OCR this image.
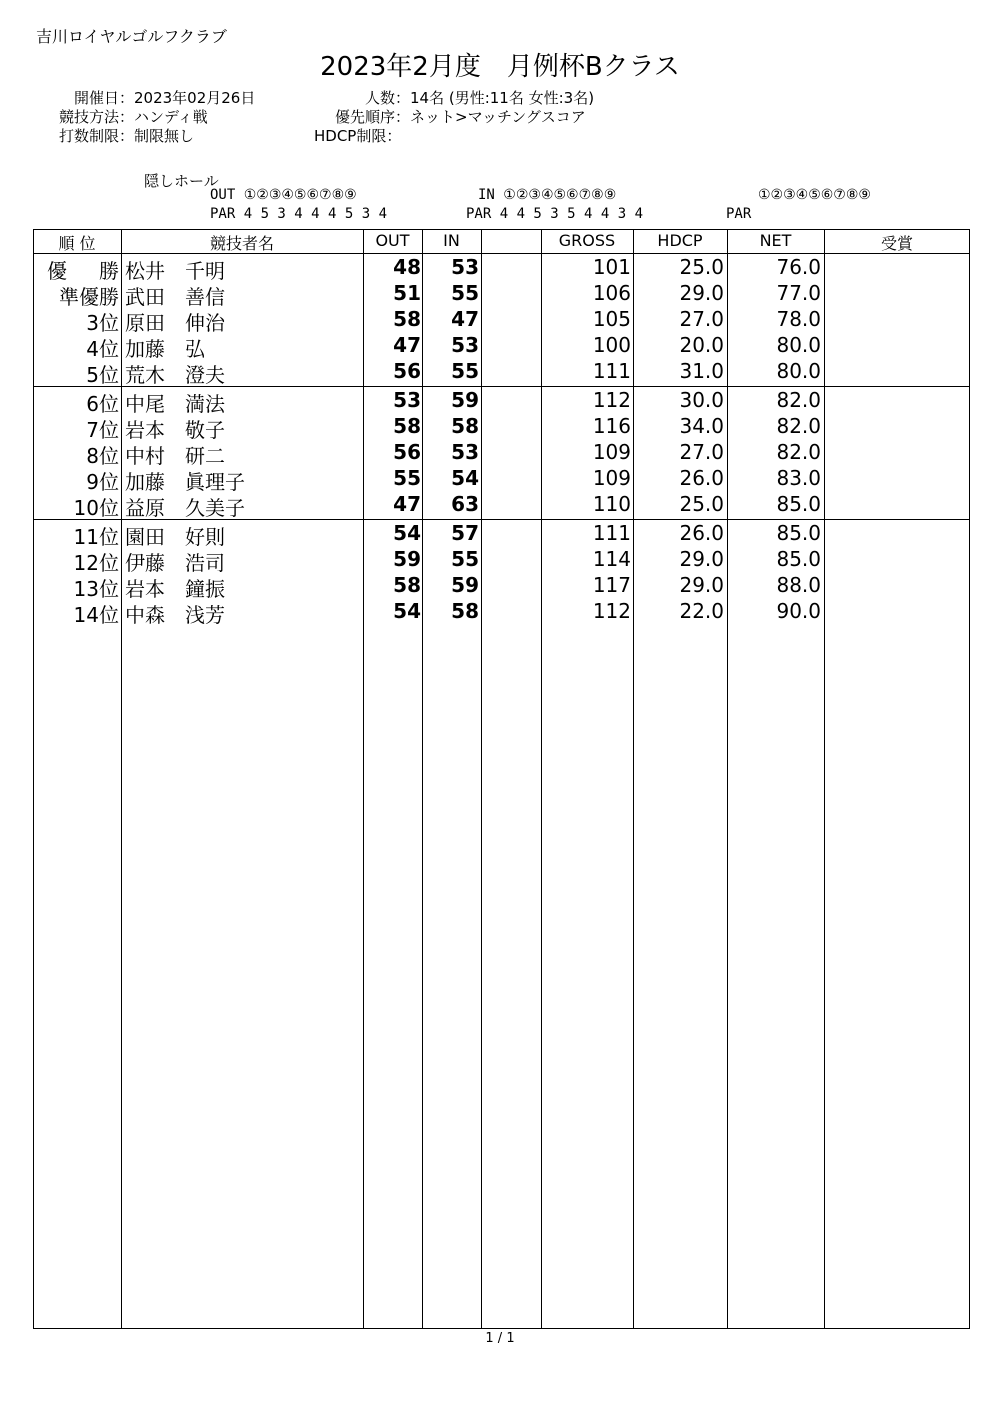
吉川ロイヤルゴルフクラブ
2023年2月度　月例杯Bクラス
開催日：2023年02月26日
競技方法：ハンディ戦
打数制限：制限無し
人数：14名 (男性:11名 女性:3名)
優先順序：ネット>マッチングスコア
HDCP制限：
隠しホール
OUT ①②③④⑤⑥⑦⑧⑨
PAR 4 5 3 4 4 4 5 3 4
IN ①②③④⑤⑥⑦⑧⑨
PAR 4 4 5 3 5 4 4 3 4
①②③④⑤⑥⑦⑧⑨
PAR
順 位	競技者名	OUT	IN	GROSS	HDCP	NET	受賞
優 勝 松井　千明	48	53	101	25.0	76.0
準優勝 武田　善信	51	55	106	29.0	77.0
3位 原田　伸治	58	47	105	27.0	78.0
4位 加藤　弘	47	53	100	20.0	80.0
5位 荒木　澄夫	56	55	111	31.0	80.0
6位 中尾　満法	53	59	112	30.0	82.0
7位 岩本　敬子	58	58	116	34.0	82.0
8位 中村　研二	56	53	109	27.0	82.0
9位 加藤　眞理子	55	54	109	26.0	83.0
10位 益原　久美子	47	63	110	25.0	85.0
11位 園田　好則	54	57	111	26.0	85.0
12位 伊藤　浩司	59	55	114	29.0	85.0
13位 岩本　鐘振	58	59	117	29.0	88.0
14位 中森　浅芳	54	58	112	22.0	90.0
1 / 1
